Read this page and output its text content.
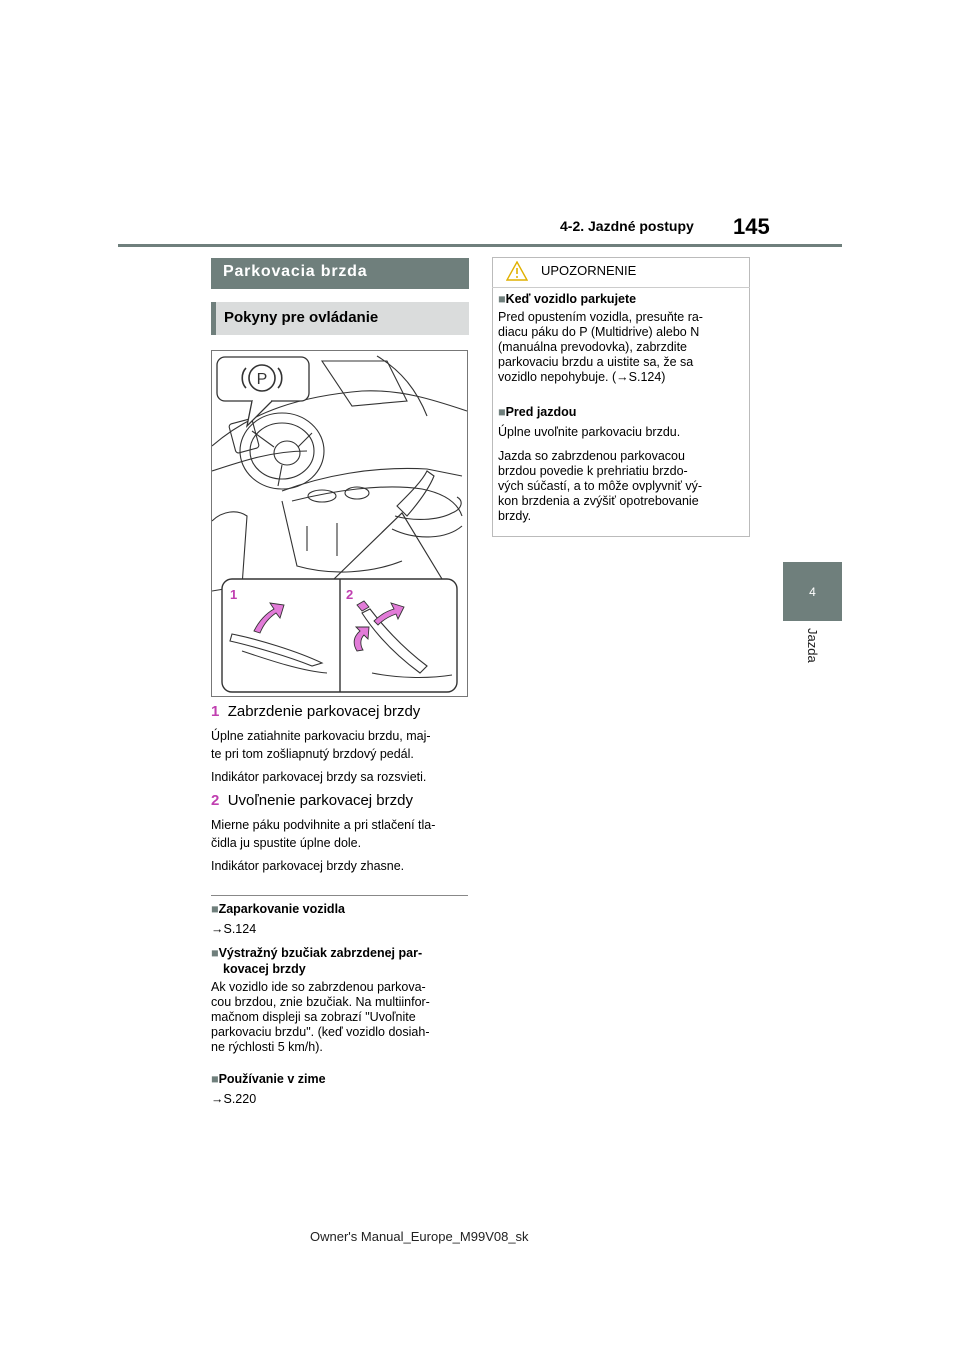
4-2. Jazdné postupy 145
4
Jazda
Parkovacia brzda
Pokyny pre ovládanie
P
1	2
1 Zabrzdenie parkovacej brzdy
Úplne zatiahnite parkovaciu brzdu, maj-
te pri tom zošliapnutý brzdový pedál.
Indikátor parkovacej brzdy sa rozsvieti.
2 Uvoľnenie parkovacej brzdy
Mierne páku podvihnite a pri stlačení tla-
čidla ju spustite úplne dole.
Indikátor parkovacej brzdy zhasne.
■Zaparkovanie vozidla
→S.124
■Výstražný bzučiak zabrzdenej par-
kovacej brzdy
Ak vozidlo ide so zabrzdenou parkova-
cou brzdou, znie bzučiak. Na multiinfor-
mačnom displeji sa zobrazí "Uvoľnite
parkovaciu brzdu". (keď vozidlo dosiah-
ne rýchlosti 5 km/h).
■Používanie v zime
→S.220
UPOZORNENIE
■Keď vozidlo parkujete
Pred opustením vozidla, presuňte ra-
diacu páku do P (Multidrive) alebo N
(manuálna prevodovka), zabrzdite
parkovaciu brzdu a uistite sa, že sa
vozidlo nepohybuje. (→S.124)
■Pred jazdou
Úplne uvoľnite parkovaciu brzdu.
Jazda so zabrzdenou parkovacou
brzdou povedie k prehriatiu brzdo-
vých súčastí, a to môže ovplyvniť vý-
kon brzdenia a zvýšiť opotrebovanie
brzdy.
Owner's Manual_Europe_M99V08_sk
